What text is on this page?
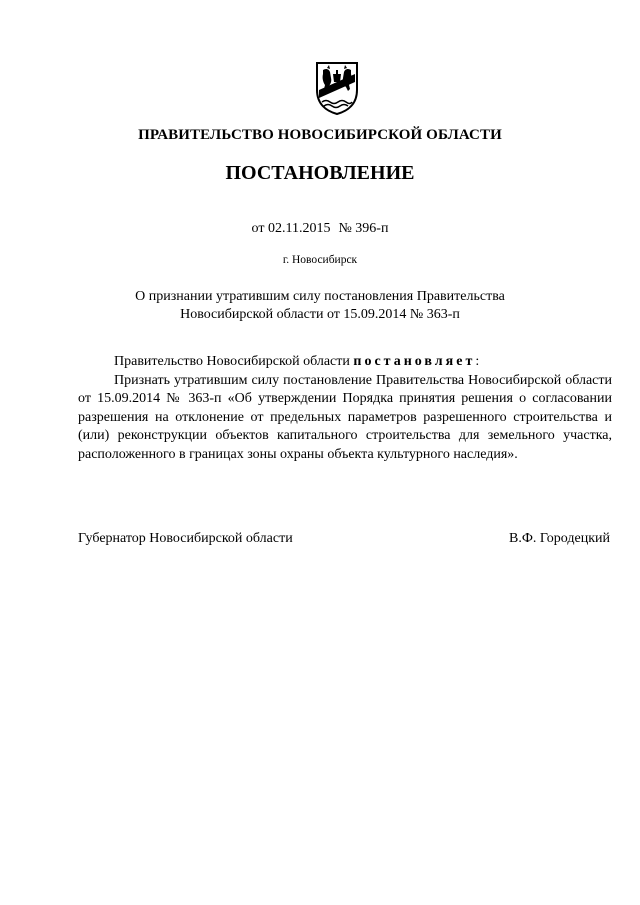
ПРАВИТЕЛЬСТВО НОВОСИБИРСКОЙ ОБЛАСТИ
ПОСТАНОВЛЕНИЕ
от 02.11.2015 № 396-п
г. Новосибирск
О признании утратившим силу постановления Правительства
Новосибирской области от 15.09.2014 № 363-п

Правительство Новосибирской области постановляет:

Признать утратившим силу постановление Правительства Новосибирской области от 15.09.2014 № 363-п «Об утверждении Порядка принятия решения о согласовании разрешения на отклонение от предельных параметров разрешенного строительства и (или) реконструкции объектов капитального строительства для земельного участка, расположенного в границах зоны охраны объекта культурного наследия».

Губернатор Новосибирской области	В.Ф. Городецкий
